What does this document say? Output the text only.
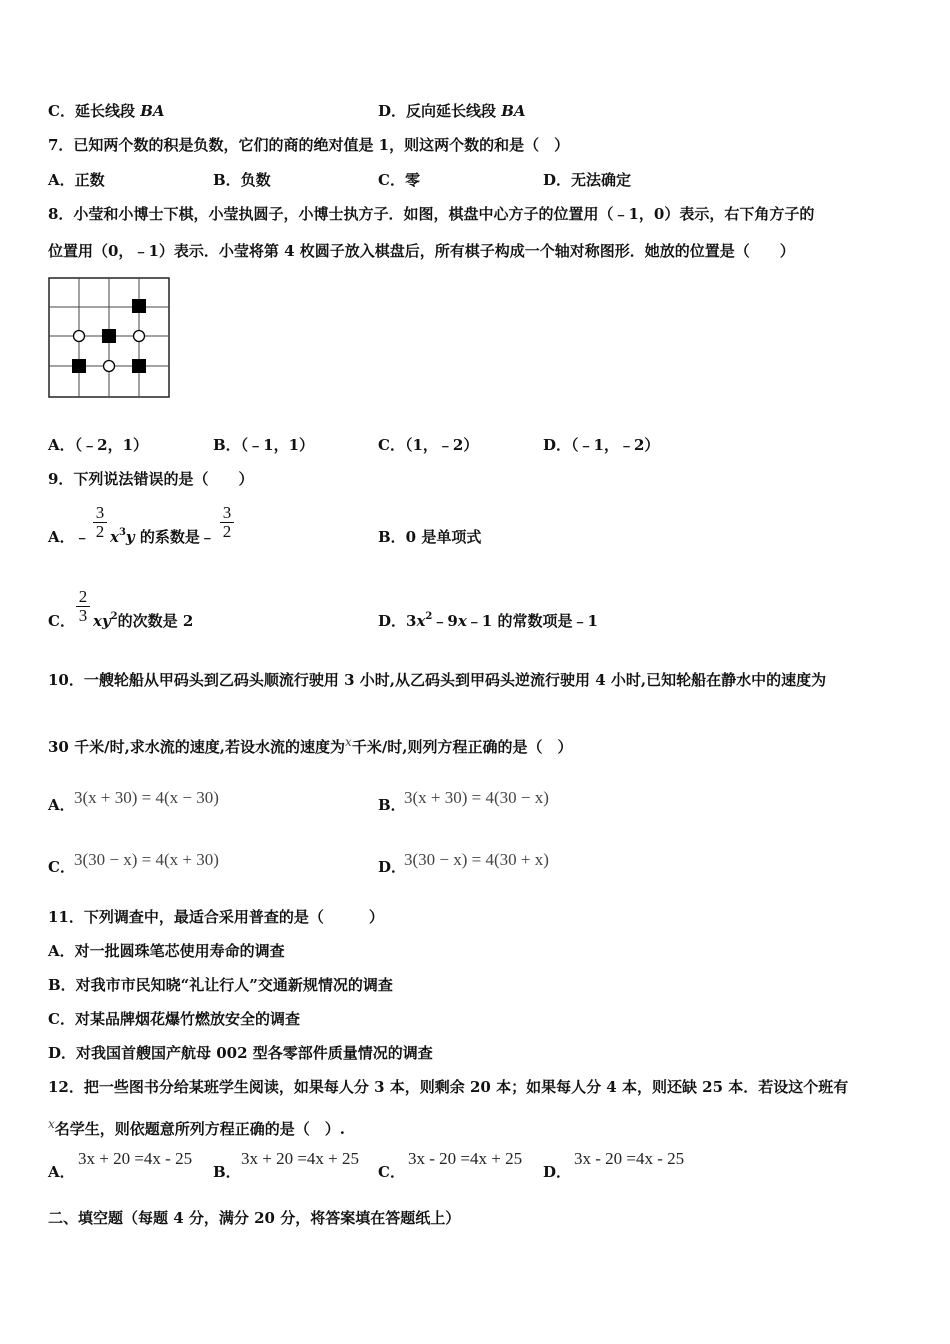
C．延长线段 BA	D．反向延长线段 BA
7．已知两个数的积是负数，它们的商的绝对值是 1，则这两个数的和是（　）
A．正数	B．负数	C．零	D．无法确定
8．小莹和小博士下棋，小莹执圆子，小博士执方子．如图，棋盘中心方子的位置用（﹣1，0）表示，右下角方子的
位置用（0，﹣1）表示．小莹将第 4 枚圆子放入棋盘后，所有棋子构成一个轴对称图形．她放的位置是（　　）
A．（﹣2，1）	B．（﹣1，1）	C．（1，﹣2）	D．（﹣1，﹣2）
9．下列说法错误的是（　　）
A．﹣ $\frac{3}{2} x^3y$ 的系数是﹣ $\frac{3}{2}$	B．0 是单项式
C． $\frac{2}{3} xy^2$的次数是 2	D．$3x^2﹣9x﹣1$ 的常数项是﹣1
10．一艘轮船从甲码头到乙码头顺流行驶用 3 小时,从乙码头到甲码头逆流行驶用 4 小时,已知轮船在静水中的速度为
30 千米/时,求水流的速度,若设水流的速度为$^x$千米/时,则列方程正确的是（　）
A． 3(x + 30) = 4(x − 30)	B．
3(x + 30) = 4(30 − x)
C． 3(30 − x) = 4(x + 30)	D．
3(30 − x) = 4(30 + x)
11．下列调查中，最适合采用普查的是（　　　）
A．对一批圆珠笔芯使用寿命的调查
B．对我市市民知晓“礼让行人”交通新规情况的调查
C．对某品牌烟花爆竹燃放安全的调查
D．对我国首艘国产航母 002 型各零部件质量情况的调查
12．把一些图书分给某班学生阅读，如果每人分 3 本，则剩余 20 本；如果每人分 4 本，则还缺 25 本．若设这个班有
$^x$名学生，则依题意所列方程正确的是（　）.
A．
3x + 20 =4x - 25
B．
3x + 20 =4x + 25
C．
3x - 20 =4x + 25
D．
3x - 20 =4x - 25
二、填空题（每题 4 分，满分 20 分，将答案填在答题纸上）
